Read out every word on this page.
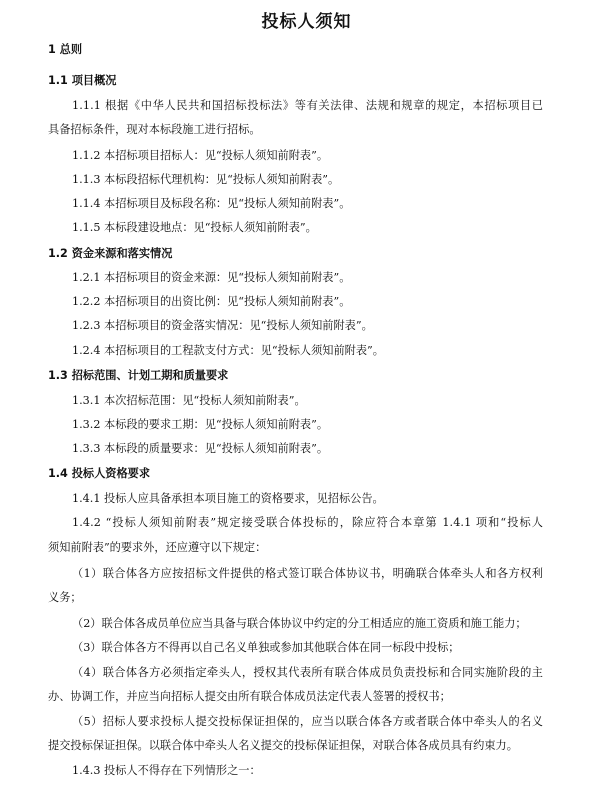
投标人须知
1 总则
1.1 项目概况
1.1.1 根据《中华人民共和国招标投标法》等有关法律、法规和规章的规定，本招标项目已
具备招标条件，现对本标段施工进行招标。
1.1.2 本招标项目招标人：见“投标人须知前附表”。
1.1.3 本标段招标代理机构：见“投标人须知前附表”。
1.1.4 本招标项目及标段名称：见“投标人须知前附表”。
1.1.5 本标段建设地点：见“投标人须知前附表”。
1.2 资金来源和落实情况
1.2.1 本招标项目的资金来源：见“投标人须知前附表”。
1.2.2 本招标项目的出资比例：见“投标人须知前附表”。
1.2.3 本招标项目的资金落实情况：见“投标人须知前附表”。
1.2.4 本招标项目的工程款支付方式：见“投标人须知前附表”。
1.3 招标范围、计划工期和质量要求
1.3.1 本次招标范围：见“投标人须知前附表”。
1.3.2 本标段的要求工期：见“投标人须知前附表”。
1.3.3 本标段的质量要求：见“投标人须知前附表”。
1.4 投标人资格要求
1.4.1 投标人应具备承担本项目施工的资格要求，见招标公告。
1.4.2 “投标人须知前附表”规定接受联合体投标的，除应符合本章第 1.4.1 项和“投标人
须知前附表”的要求外，还应遵守以下规定：
（1）联合体各方应按招标文件提供的格式签订联合体协议书，明确联合体牵头人和各方权利
义务；
（2）联合体各成员单位应当具备与联合体协议中约定的分工相适应的施工资质和施工能力；
（3）联合体各方不得再以自己名义单独或参加其他联合体在同一标段中投标；
（4）联合体各方必须指定牵头人，授权其代表所有联合体成员负责投标和合同实施阶段的主
办、协调工作，并应当向招标人提交由所有联合体成员法定代表人签署的授权书；
（5）招标人要求投标人提交投标保证担保的，应当以联合体各方或者联合体中牵头人的名义
提交投标保证担保。以联合体中牵头人名义提交的投标保证担保，对联合体各成员具有约束力。
1.4.3 投标人不得存在下列情形之一：
